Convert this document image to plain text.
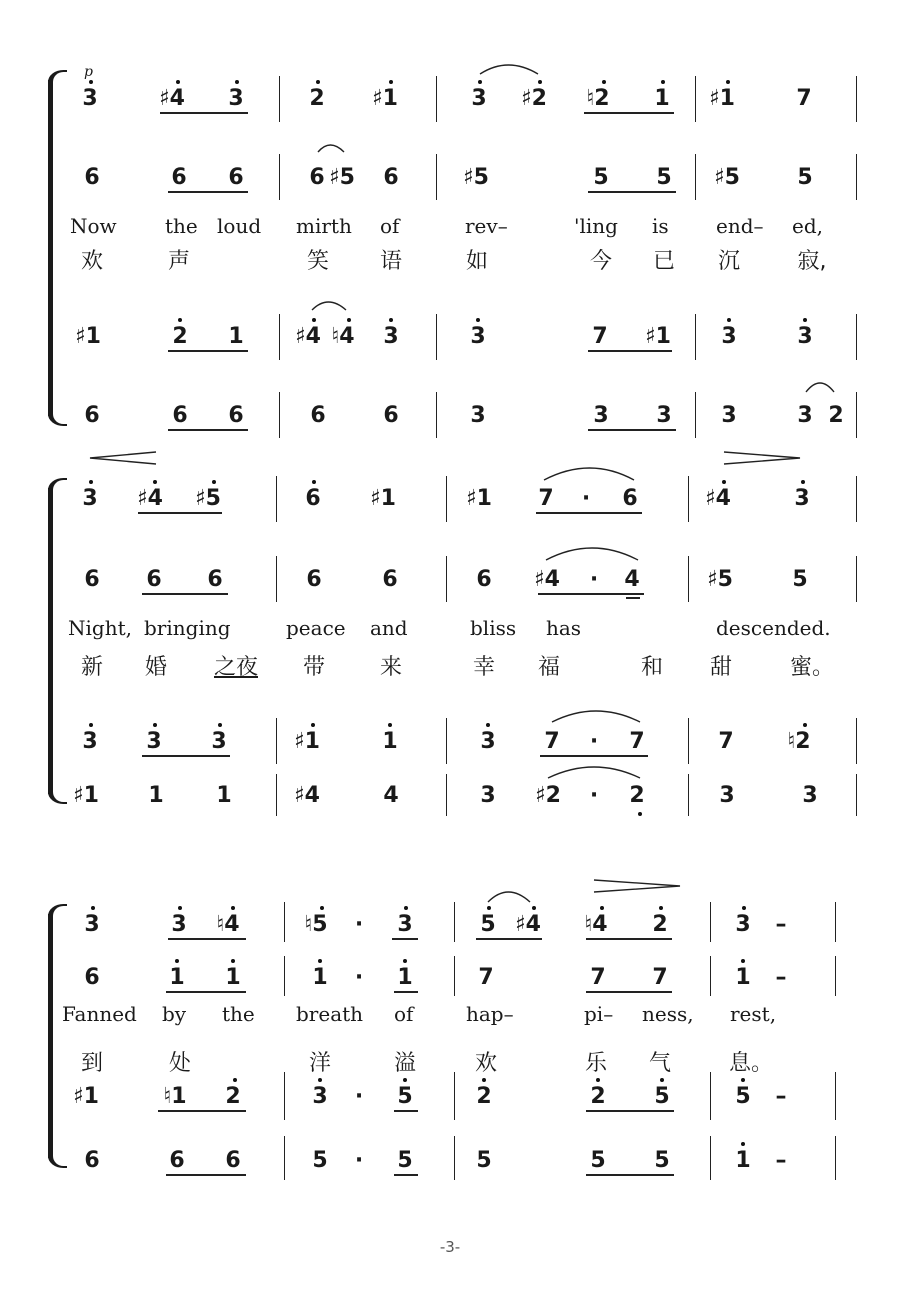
p
3	♯4 3	2 ♯1	3 ♯2 ♮2 1 ♯1	7
6	6 6	6 ♯5 6	♯5	5 5 ♯5	5
Now the loud mirth of	rev–	'ling is end– ed,
欢	声	笑 语	如	今 已 沉	寂,
♯1	2 1 ♯4 ♮4 3	3	7 ♯1 3	3
6	6 6	6	6	3	3 3 3	3 2
3 ♯4 ♯5	6 ♯1	♯1 7 · 6	♯4	3
6 6 6	6	6	6 ♯4 · 4	♯5	5
Night, bringing	peace and	bliss has	descended.
新 婚 之夜 带 来	幸 福	和 甜	蜜。
3 3 3	♯1	1	3 7 · 7	7 ♮2
♯1 1 1	♯4	4	3 ♯2 · 2	3	3
3	3 ♮4	♮5 · 3	5 ♯4 ♮4 2	3 –
6	1 1	1 · 1	7	7 7	1 –
Fanned by the breath of	hap–	pi– ness, rest,
到	处	洋	溢	欢	乐 气	息。
♯1	♮1 2	3 · 5	2	2 5	5 –
6	6 6	5 · 5	5	5 5	1 –
-3-
